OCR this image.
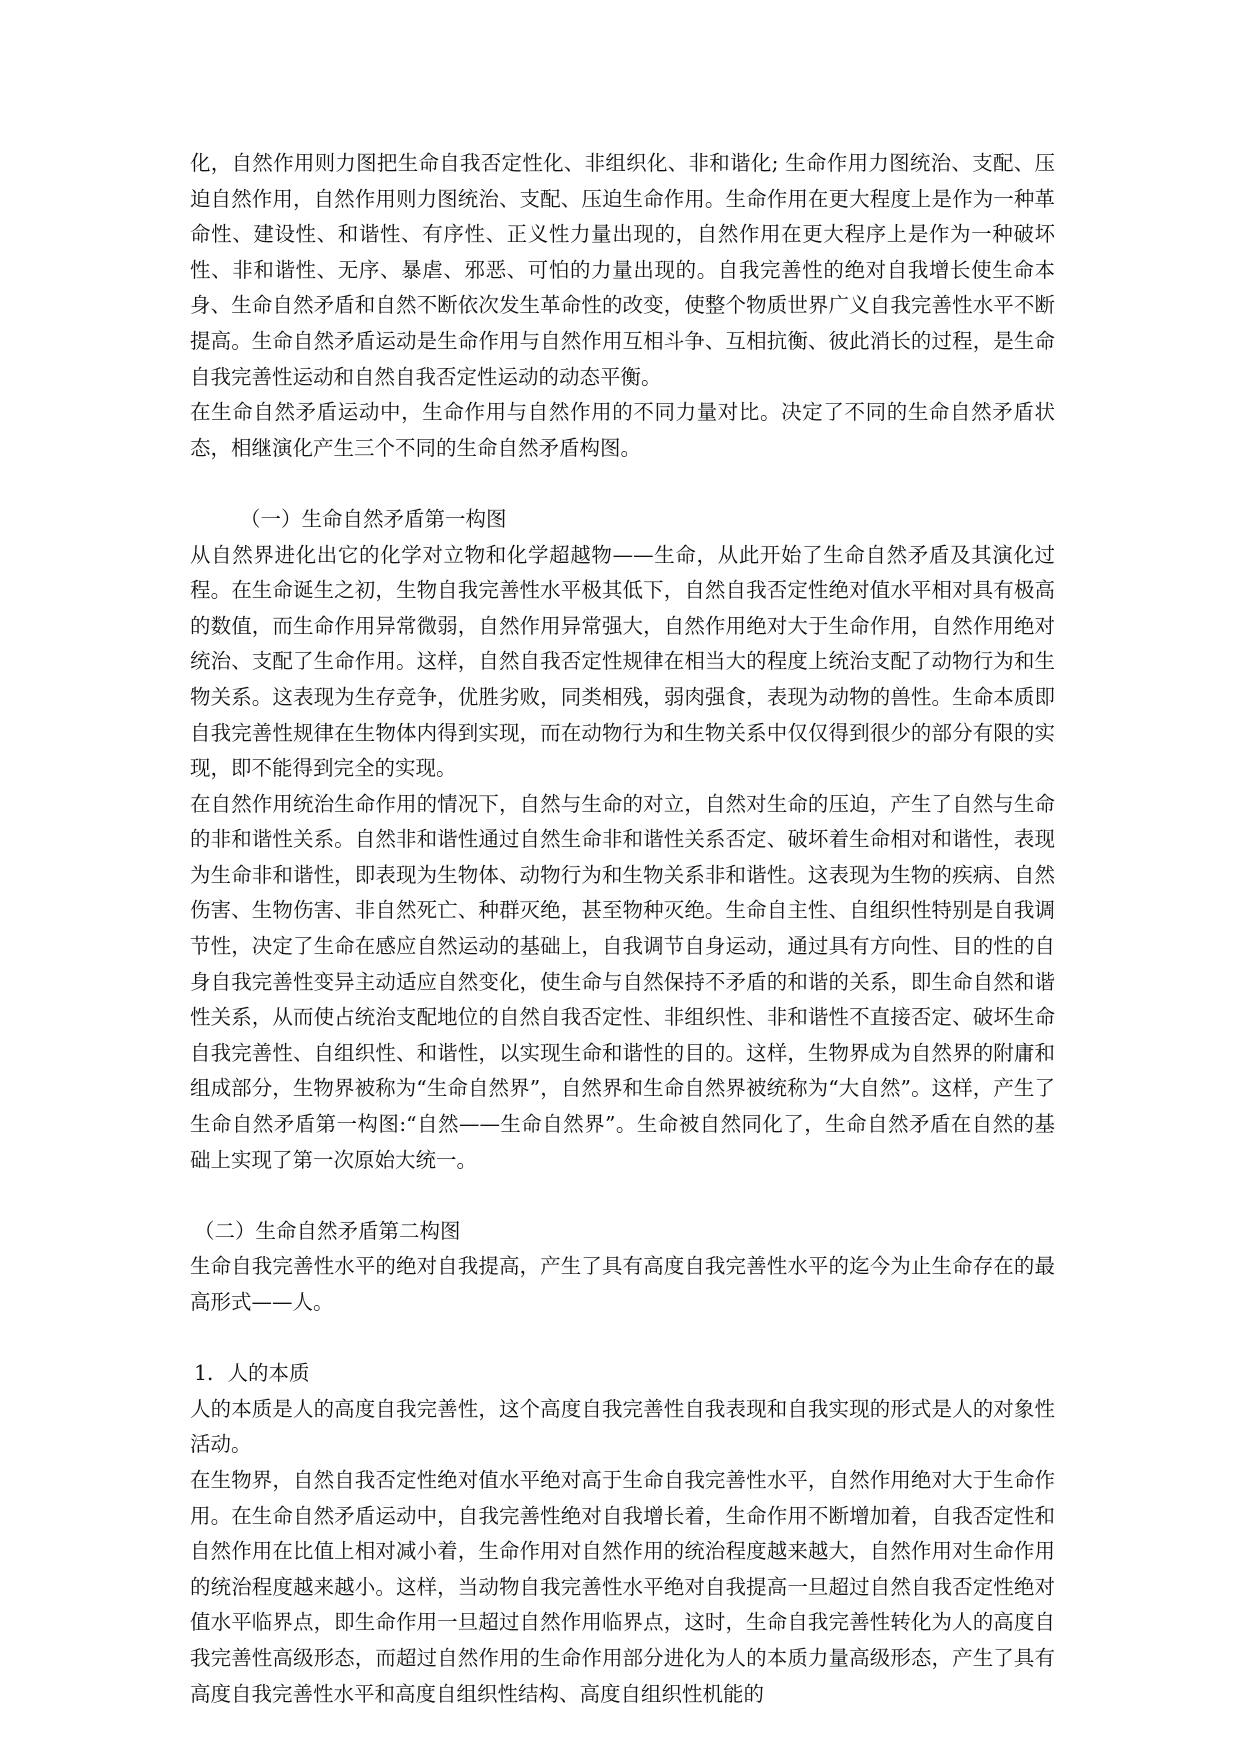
化，自然作用则力图把生命自我否定性化、非组织化、非和谐化; 生命作用力图统治、支配、压迫自然作用，自然作用则力图统治、支配、压迫生命作用。生命作用在更大程度上是作为一种革命性、建设性、和谐性、有序性、正义性力量出现的，自然作用在更大程序上是作为一种破坏性、非和谐性、无序、暴虐、邪恶、可怕的力量出现的。自我完善性的绝对自我增长使生命本身、生命自然矛盾和自然不断依次发生革命性的改变，使整个物质世界广义自我完善性水平不断提高。生命自然矛盾运动是生命作用与自然作用互相斗争、互相抗衡、彼此消长的过程，是生命自我完善性运动和自然自我否定性运动的动态平衡。

在生命自然矛盾运动中，生命作用与自然作用的不同力量对比。决定了不同的生命自然矛盾状态，相继演化产生三个不同的生命自然矛盾构图。

（一）生命自然矛盾第一构图

从自然界进化出它的化学对立物和化学超越物——生命，从此开始了生命自然矛盾及其演化过程。在生命诞生之初，生物自我完善性水平极其低下，自然自我否定性绝对值水平相对具有极高的数值，而生命作用异常微弱，自然作用异常强大，自然作用绝对大于生命作用，自然作用绝对统治、支配了生命作用。这样，自然自我否定性规律在相当大的程度上统治支配了动物行为和生物关系。这表现为生存竞争，优胜劣败，同类相残，弱肉强食，表现为动物的兽性。生命本质即自我完善性规律在生物体内得到实现，而在动物行为和生物关系中仅仅得到很少的部分有限的实现，即不能得到完全的实现。

在自然作用统治生命作用的情况下，自然与生命的对立，自然对生命的压迫，产生了自然与生命的非和谐性关系。自然非和谐性通过自然生命非和谐性关系否定、破坏着生命相对和谐性，表现为生命非和谐性，即表现为生物体、动物行为和生物关系非和谐性。这表现为生物的疾病、自然伤害、生物伤害、非自然死亡、种群灭绝，甚至物种灭绝。生命自主性、自组织性特别是自我调节性，决定了生命在感应自然运动的基础上，自我调节自身运动，通过具有方向性、目的性的自身自我完善性变异主动适应自然变化，使生命与自然保持不矛盾的和谐的关系，即生命自然和谐性关系，从而使占统治支配地位的自然自我否定性、非组织性、非和谐性不直接否定、破坏生命自我完善性、自组织性、和谐性，以实现生命和谐性的目的。这样，生物界成为自然界的附庸和组成部分，生物界被称为“生命自然界”，自然界和生命自然界被统称为“大自然”。这样，产生了生命自然矛盾第一构图:“自然——生命自然界”。生命被自然同化了，生命自然矛盾在自然的基础上实现了第一次原始大统一。

（二）生命自然矛盾第二构图

生命自我完善性水平的绝对自我提高，产生了具有高度自我完善性水平的迄今为止生命存在的最高形式——人。

1．人的本质

人的本质是人的高度自我完善性，这个高度自我完善性自我表现和自我实现的形式是人的对象性活动。

在生物界，自然自我否定性绝对值水平绝对高于生命自我完善性水平，自然作用绝对大于生命作用。在生命自然矛盾运动中，自我完善性绝对自我增长着，生命作用不断增加着，自我否定性和自然作用在比值上相对减小着，生命作用对自然作用的统治程度越来越大，自然作用对生命作用的统治程度越来越小。这样，当动物自我完善性水平绝对自我提高一旦超过自然自我否定性绝对值水平临界点，即生命作用一旦超过自然作用临界点，这时，生命自我完善性转化为人的高度自我完善性高级形态，而超过自然作用的生命作用部分进化为人的本质力量高级形态，产生了具有高度自我完善性水平和高度自组织性结构、高度自组织性机能的
